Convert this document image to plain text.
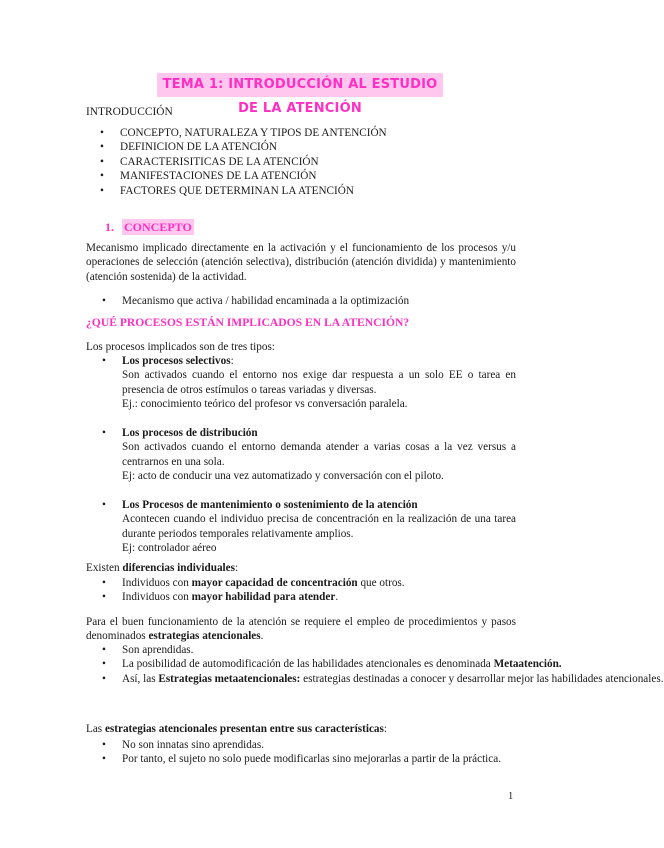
TEMA 1: INTRODUCCIÓN AL ESTUDIO DE LA ATENCIÓN
INTRODUCCIÓN
• CONCEPTO, NATURALEZA Y TIPOS DE ANTENCIÓN
• DEFINICION DE LA ATENCIÓN
• CARACTERISITICAS DE LA ATENCIÓN
• MANIFESTACIONES DE LA ATENCIÓN
• FACTORES QUE DETERMINAN LA ATENCIÓN
1. CONCEPTO
Mecanismo implicado directamente en la activación y el funcionamiento de los procesos y/u operaciones de selección (atención selectiva), distribución (atención dividida) y mantenimiento (atención sostenida) de la actividad.
• Mecanismo que activa / habilidad encaminada a la optimización
¿QUÉ PROCESOS ESTÁN IMPLICADOS EN LA ATENCIÓN?
Los procesos implicados son de tres tipos:
• Los procesos selectivos:
Son activados cuando el entorno nos exige dar respuesta a un solo EE o tarea en presencia de otros estímulos o tareas variadas y diversas.
Ej.: conocimiento teórico del profesor vs conversación paralela.
• Los procesos de distribución
Son activados cuando el entorno demanda atender a varias cosas a la vez versus a centrarnos en una sola.
Ej: acto de conducir una vez automatizado y conversación con el piloto.
• Los Procesos de mantenimiento o sostenimiento de la atención
Acontecen cuando el individuo precisa de concentración en la realización de una tarea durante periodos temporales relativamente amplios.
Ej: controlador aéreo
Existen diferencias individuales:
• Individuos con mayor capacidad de concentración que otros.
• Individuos con mayor habilidad para atender.
Para el buen funcionamiento de la atención se requiere el empleo de procedimientos y pasos denominados estrategias atencionales.
• Son aprendidas.
• La posibilidad de automodificación de las habilidades atencionales es denominada Metaatención.
• Así, las Estrategias metaatencionales: estrategias destinadas a conocer y desarrollar mejor las habilidades atencionales.
Las estrategias atencionales presentan entre sus características:
• No son innatas sino aprendidas.
• Por tanto, el sujeto no solo puede modificarlas sino mejorarlas a partir de la práctica.
1
